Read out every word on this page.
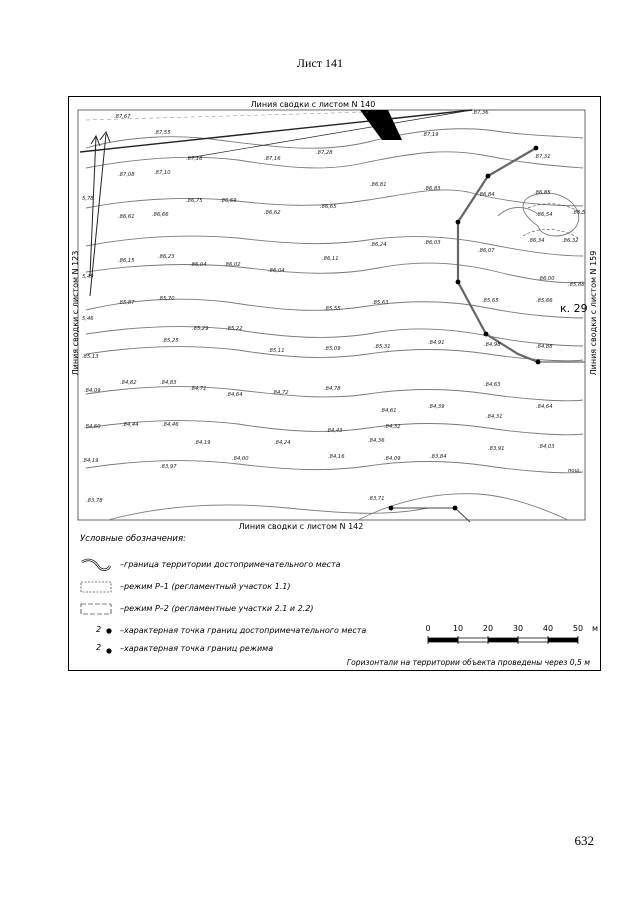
Лист 141
Линия сводки с листом N 140
Линия сводки с листом N 142
Линия сводки с листом N 123	Линия сводки с листом N 159
к. 29
пош.
.87,67
.87,55
.87,36
.87,19
.87,18	.87,16
.87,28
.87,08	.87,10
.87,31
.86,81
.86,83
.86,84	.86,85
.86,75	.86,69
.86,62
.86,65
.86,61	.86,66	.86,54	.86,5
.86,24	.86,03
.86,07
.86,34	.86,32
.86,15
.86,23
.86,04	.86,02
.86,04
.86,11
.86,00
.85,88
.85,87
.85,70
.85,63
.85,55
.85,65	.85,66
.85,29	.85,22
.85,25
.85,11	.85,09	.85,31
.84,91	.84,98	.84,88
.85,13
.84,82	.84,63
.84,83
.84,71
.84,64	.84,72
.84,78
.84,09
.84,61
.84,39
.84,31
.84,64
.84,60	.84,44	.84,46
.84,43
.84,32
.84,19	.84,24	.84,36
.84,00	.84,16	.84,09	.83,84
.83,91	.84,03
.84,19
.83,97
.83,78	.83,71
5,78
5,49
5,46
Условные обозначения:
–граница территории достопримечательного места
–режим Р–1 (регламентный участок 1.1)
–режим Р–2 (регламентные участки 2.1 и 2.2)
2 –характерная точка границ достопримечательного места
2 –характерная точка границ режима
0	10 20 30 40 50 м
Горизонтали на территории объекта проведены через 0,5 м
632
